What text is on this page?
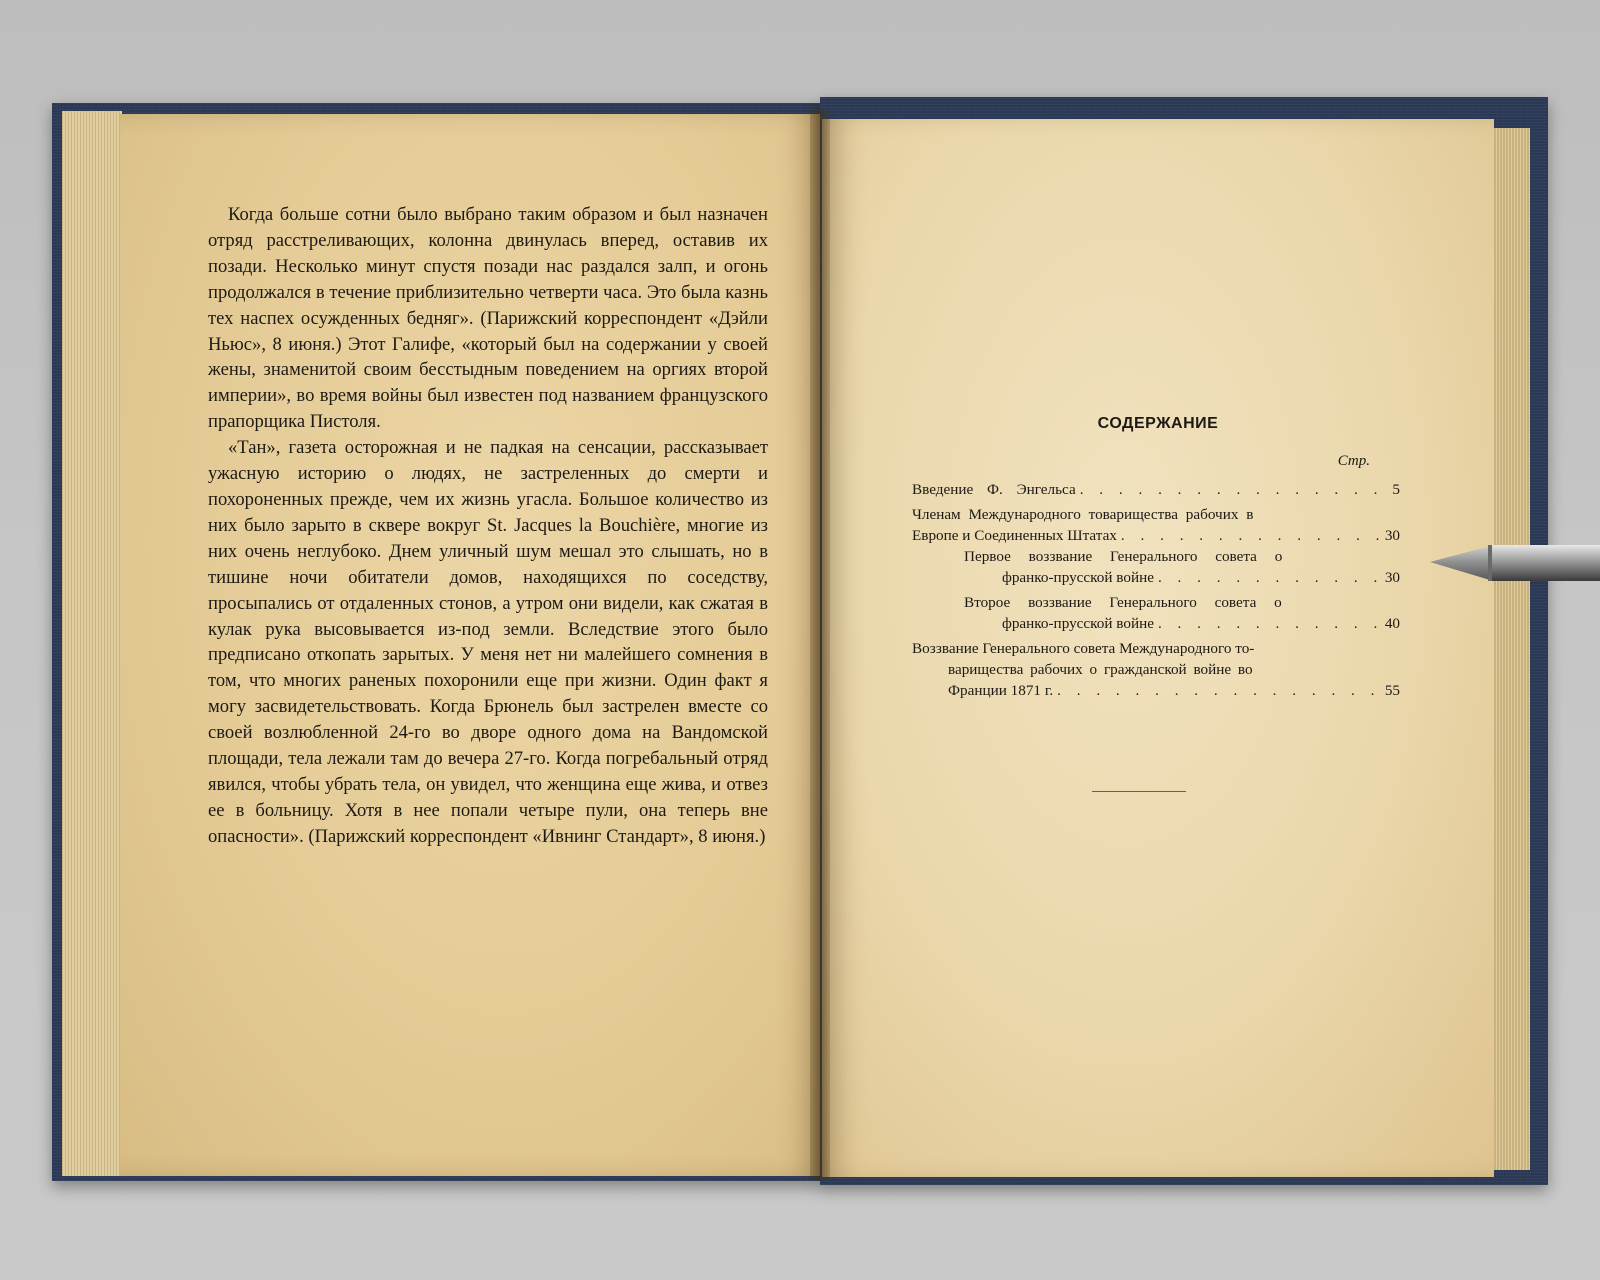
Когда больше сотни было выбрано таким образом и был назначен отряд расстреливающих, колонна двинулась вперед, оставив их позади. Несколько минут спустя позади нас раздался залп, и огонь продолжался в течение приблизительно четверти часа. Это была казнь тех наспех осужденных бедняг». (Парижский корреспондент «Дэйли Ньюс», 8 июня.) Этот Галифе, «который был на содержании у своей жены, знаменитой своим бесстыдным поведением на оргиях второй империи», во время войны был известен под названием французского прапорщика Пистоля.

«Тан», газета осторожная и не падкая на сенсации, рассказывает ужасную историю о людях, не застреленных до смерти и похороненных прежде, чем их жизнь угасла. Большое количество из них было зарыто в сквере вокруг St. Jacques la Bouchière, многие из них очень неглубоко. Днем уличный шум мешал это слышать, но в тишине ночи обитатели домов, находящихся по соседству, просыпались от отдаленных стонов, а утром они видели, как сжатая в кулак рука высовывается из-под земли. Вследствие этого было предписано откопать зарытых. У меня нет ни малейшего сомнения в том, что многих раненых похоронили еще при жизни. Один факт я могу засвидетельствовать. Когда Брюнель был застрелен вместе со своей возлюбленной 24-го во дворе одного дома на Вандомской площади, тела лежали там до вечера 27-го. Когда погребальный отряд явился, чтобы убрать тела, он увидел, что женщина еще жива, и отвез ее в больницу. Хотя в нее попали четыре пули, она теперь вне опасности». (Парижский корреспондент «Ивнинг Стандарт», 8 июня.)

СОДЕРЖАНИЕ
Стр.
Введение Ф. Энгельса . . .	5
Членам Международного товарищества рабочих в
Европе и Соединенных Штатах . . .	30
Первое воззвание Генерального совета о
франко-прусской войне . . .	30
Второе воззвание Генерального совета о
франко-прусской войне . . .	40
Воззвание Генерального совета Международного то-
варищества рабочих о гражданской войне во
Франции 1871 г. . . .	55
